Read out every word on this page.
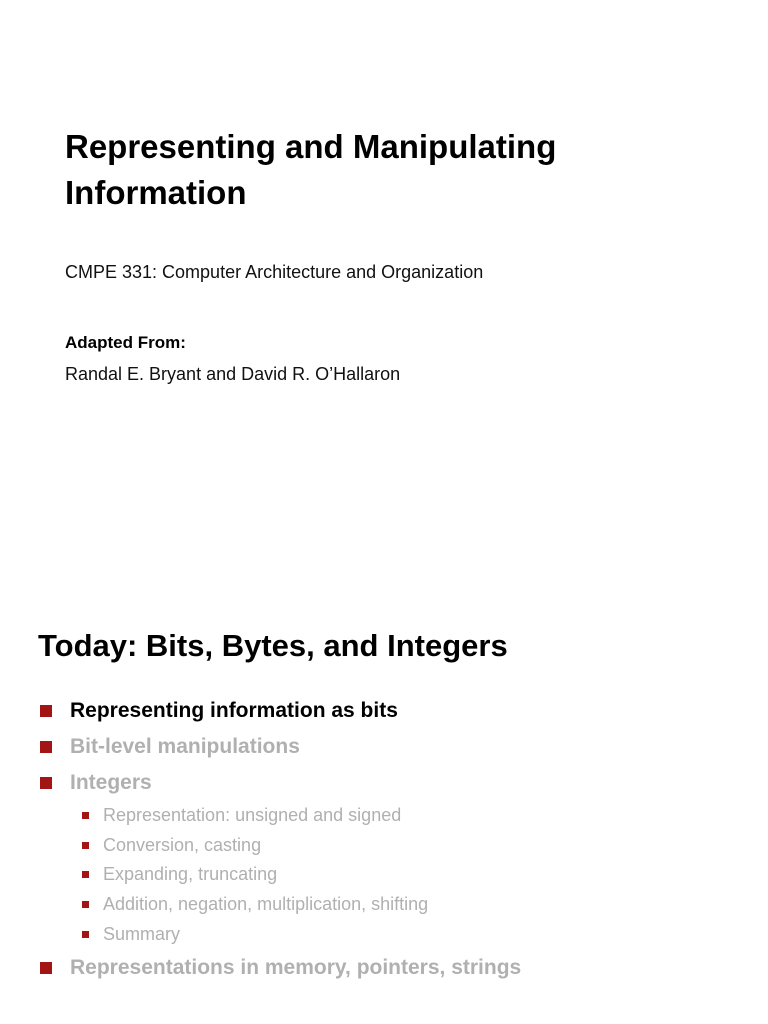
Representing and Manipulating Information
CMPE 331: Computer Architecture and Organization
Adapted From:
Randal E. Bryant and David R. O’Hallaron
Today: Bits, Bytes, and Integers
Representing information as bits
Bit-level manipulations
Integers
Representation: unsigned and signed
Conversion, casting
Expanding, truncating
Addition, negation, multiplication, shifting
Summary
Representations in memory, pointers, strings
